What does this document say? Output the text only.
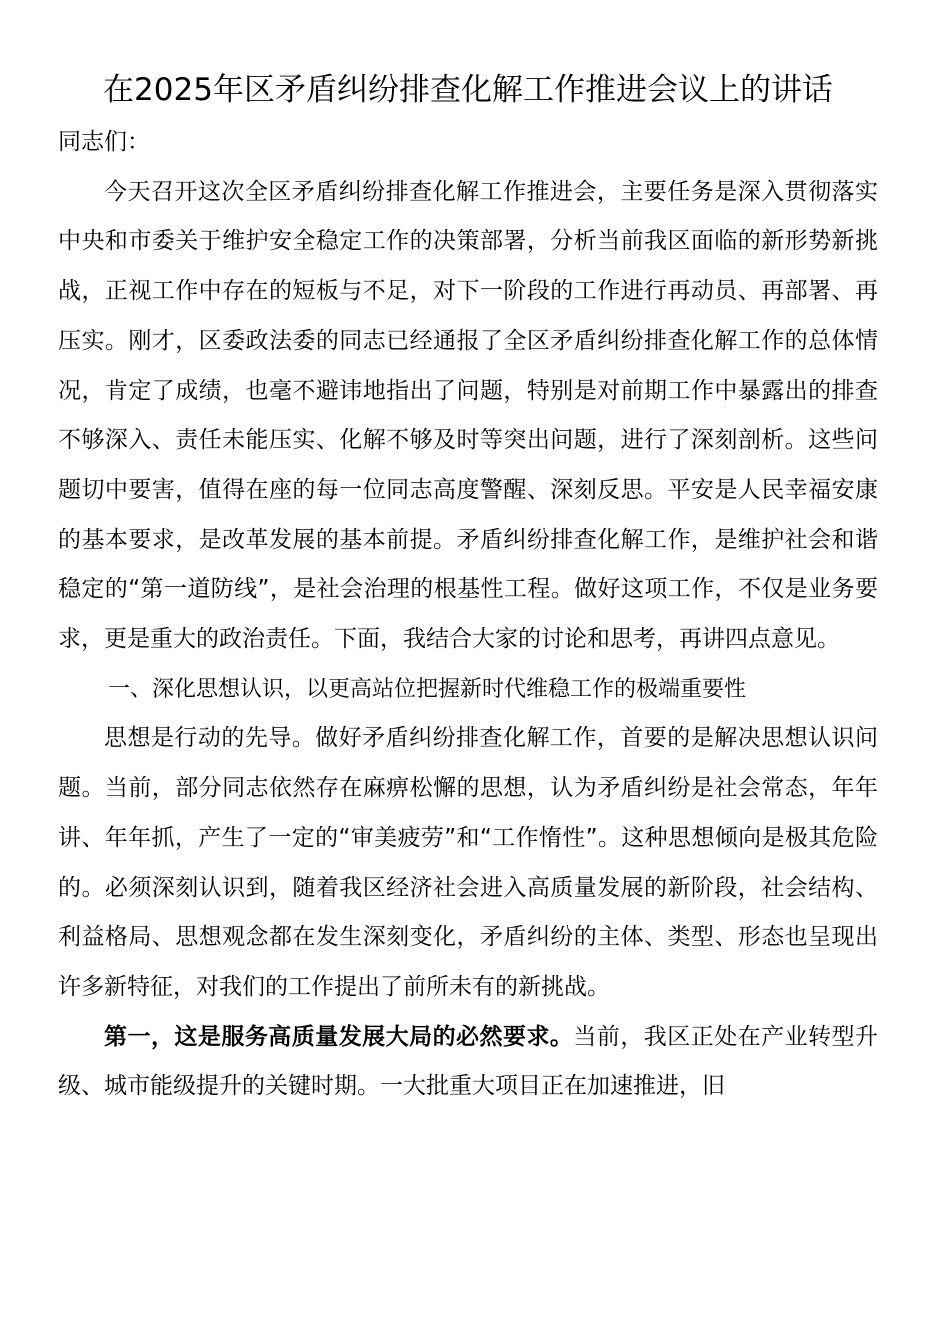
在2025年区矛盾纠纷排查化解工作推进会议上的讲话

同志们：

今天召开这次全区矛盾纠纷排查化解工作推进会，主要任务是深入贯彻落实中央和市委关于维护安全稳定工作的决策部署，分析当前我区面临的新形势新挑战，正视工作中存在的短板与不足，对下一阶段的工作进行再动员、再部署、再压实。刚才，区委政法委的同志已经通报了全区矛盾纠纷排查化解工作的总体情况，肯定了成绩，也毫不避讳地指出了问题，特别是对前期工作中暴露出的排查不够深入、责任未能压实、化解不够及时等突出问题，进行了深刻剖析。这些问题切中要害，值得在座的每一位同志高度警醒、深刻反思。平安是人民幸福安康的基本要求，是改革发展的基本前提。矛盾纠纷排查化解工作，是维护社会和谐稳定的“第一道防线”，是社会治理的根基性工程。做好这项工作，不仅是业务要求，更是重大的政治责任。下面，我结合大家的讨论和思考，再讲四点意见。

一、深化思想认识，以更高站位把握新时代维稳工作的极端重要性

思想是行动的先导。做好矛盾纠纷排查化解工作，首要的是解决思想认识问题。当前，部分同志依然存在麻痹松懈的思想，认为矛盾纠纷是社会常态，年年讲、年年抓，产生了一定的“审美疲劳”和“工作惰性”。这种思想倾向是极其危险的。必须深刻认识到，随着我区经济社会进入高质量发展的新阶段，社会结构、利益格局、思想观念都在发生深刻变化，矛盾纠纷的主体、类型、形态也呈现出许多新特征，对我们的工作提出了前所未有的新挑战。

第一，这是服务高质量发展大局的必然要求。当前，我区正处在产业转型升级、城市能级提升的关键时期。一大批重大项目正在加速推进，旧
